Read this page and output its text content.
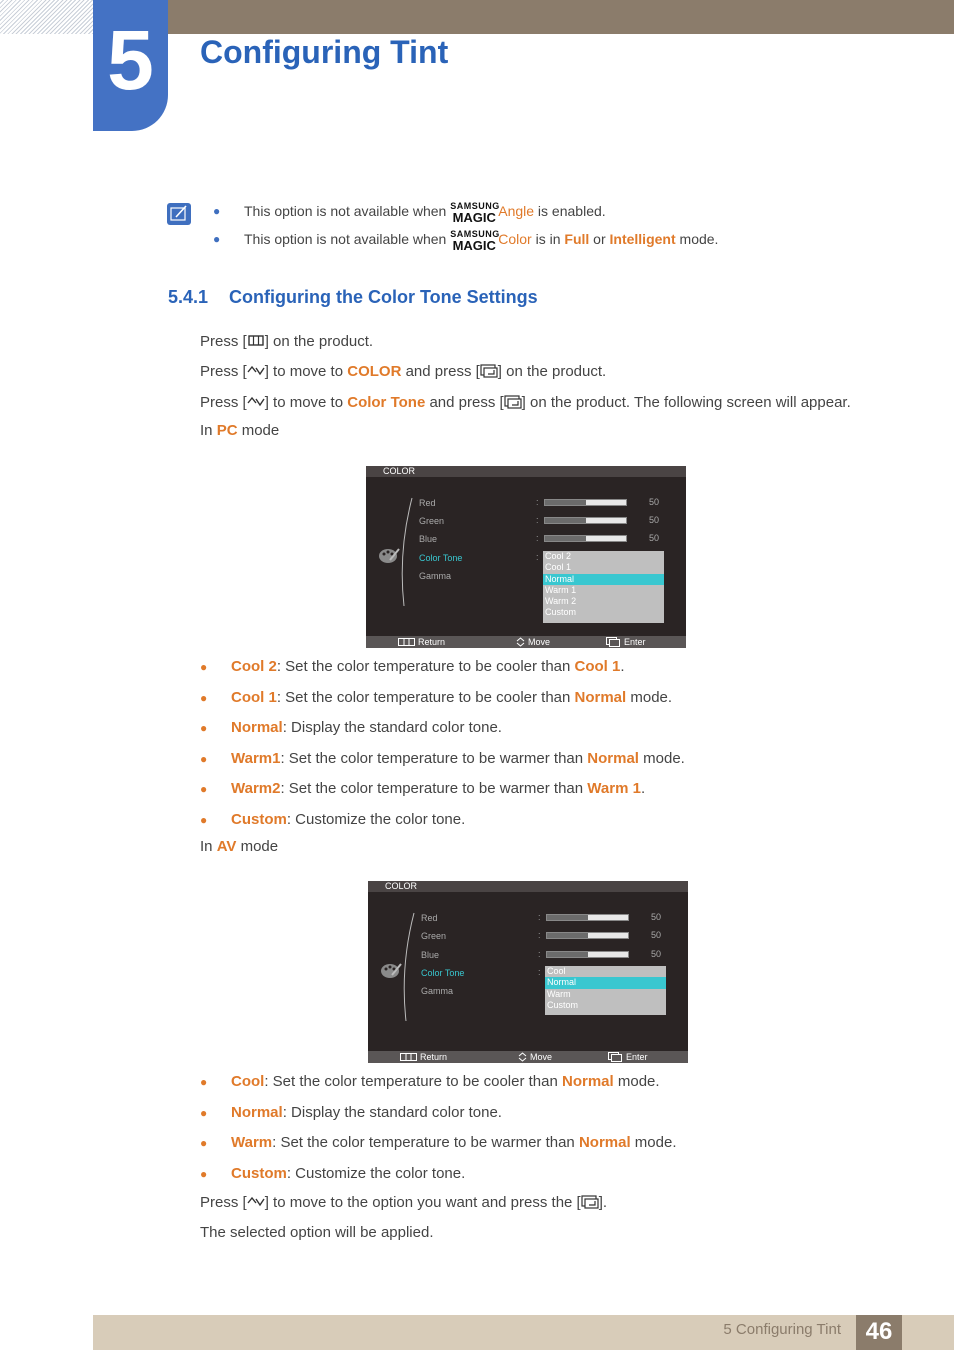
5	Configuring Tint
● This option is not available when SAMSUNG
MAGIC Angle is enabled.
● This option is not available when SAMSUNG
MAGIC Color is in Full or Intelligent mode.
5.4.1 Configuring the Color Tone Settings

Press [ ] on the product.

Press [ ] to move to COLOR and press [ ] on the product.

Press [ ] to move to Color Tone and press [ ] on the product. The following screen will appear.

In PC mode

COLOR
Red
Green
Blue
Color Tone
Gamma
:
:
:
:
50
50
50
Cool 2
Cool 1
Normal
Warm 1
Warm 2
Custom
Return	Move	Enter
● Cool 2: Set the color temperature to be cooler than Cool 1.
● Cool 1: Set the color temperature to be cooler than Normal mode.
● Normal: Display the standard color tone.
● Warm1: Set the color temperature to be warmer than Normal mode.
● Warm2: Set the color temperature to be warmer than Warm 1.
● Custom: Customize the color tone.

In AV mode

COLOR
Red
Green
Blue
Color Tone
Gamma
:
:
:
:
50
50
50
Cool
Normal
Warm
Custom
Return	Move	Enter
● Cool: Set the color temperature to be cooler than Normal mode.
● Normal: Display the standard color tone.
● Warm: Set the color temperature to be warmer than Normal mode.
● Custom: Customize the color tone.

Press [ ] to move to the option you want and press the [ ].

The selected option will be applied.

5 Configuring Tint	46
